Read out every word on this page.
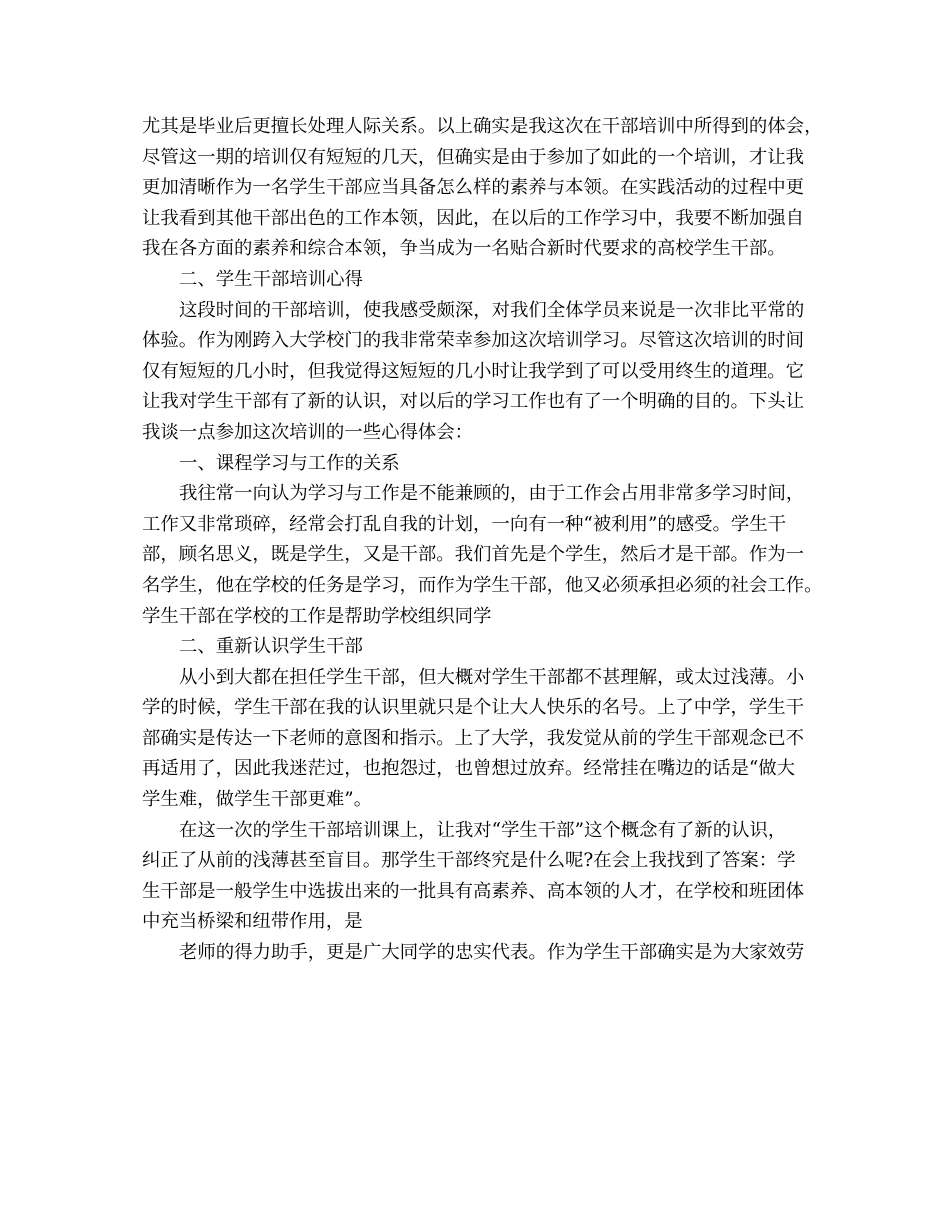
尤其是毕业后更擅长处理人际关系。以上确实是我这次在干部培训中所得到的体会，
尽管这一期的培训仅有短短的几天，但确实是由于参加了如此的一个培训，才让我
更加清晰作为一名学生干部应当具备怎么样的素养与本领。在实践活动的过程中更
让我看到其他干部出色的工作本领，因此，在以后的工作学习中，我要不断加强自
我在各方面的素养和综合本领，争当成为一名贴合新时代要求的高校学生干部。
二、学生干部培训心得
这段时间的干部培训，使我感受颇深，对我们全体学员来说是一次非比平常的
体验。作为刚跨入大学校门的我非常荣幸参加这次培训学习。尽管这次培训的时间
仅有短短的几小时，但我觉得这短短的几小时让我学到了可以受用终生的道理。它
让我对学生干部有了新的认识，对以后的学习工作也有了一个明确的目的。下头让
我谈一点参加这次培训的一些心得体会：
一、课程学习与工作的关系
我往常一向认为学习与工作是不能兼顾的，由于工作会占用非常多学习时间，
工作又非常琐碎，经常会打乱自我的计划，一向有一种“被利用”的感受。学生干
部，顾名思义，既是学生，又是干部。我们首先是个学生，然后才是干部。作为一
名学生，他在学校的任务是学习，而作为学生干部，他又必须承担必须的社会工作。
学生干部在学校的工作是帮助学校组织同学
二、重新认识学生干部
从小到大都在担任学生干部，但大概对学生干部都不甚理解，或太过浅薄。小
学的时候，学生干部在我的认识里就只是个让大人快乐的名号。上了中学，学生干
部确实是传达一下老师的意图和指示。上了大学，我发觉从前的学生干部观念已不
再适用了，因此我迷茫过，也抱怨过，也曾想过放弃。经常挂在嘴边的话是“做大
学生难，做学生干部更难”。
在这一次的学生干部培训课上，让我对“学生干部”这个概念有了新的认识，
纠正了从前的浅薄甚至盲目。那学生干部终究是什么呢?在会上我找到了答案：学
生干部是一般学生中选拔出来的一批具有高素养、高本领的人才，在学校和班团体
中充当桥梁和纽带作用，是
老师的得力助手，更是广大同学的忠实代表。作为学生干部确实是为大家效劳
